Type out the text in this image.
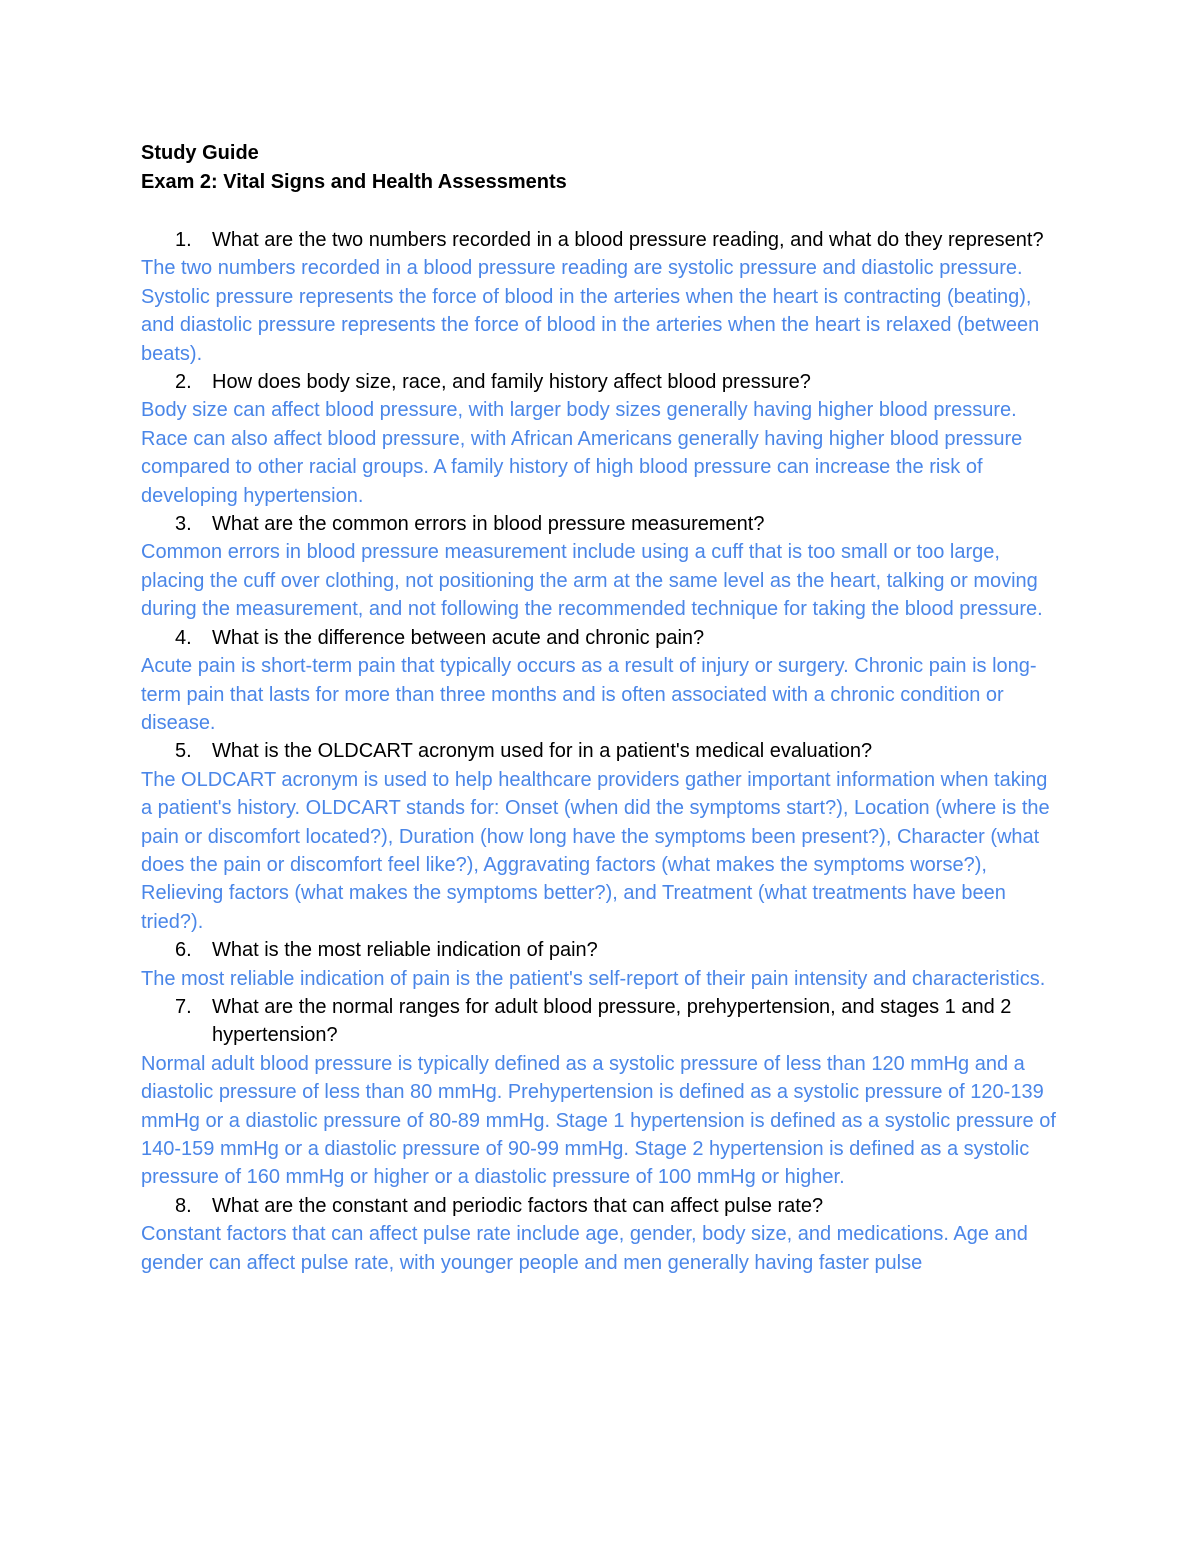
Study Guide

Exam 2: Vital Signs and Health Assessments

1.	What are the two numbers recorded in a blood pressure reading, and what do they represent?

The two numbers recorded in a blood pressure reading are systolic pressure and diastolic pressure. Systolic pressure represents the force of blood in the arteries when the heart is contracting (beating), and diastolic pressure represents the force of blood in the arteries when the heart is relaxed (between beats).

2.	How does body size, race, and family history affect blood pressure?

Body size can affect blood pressure, with larger body sizes generally having higher blood pressure. Race can also affect blood pressure, with African Americans generally having higher blood pressure compared to other racial groups. A family history of high blood pressure can increase the risk of developing hypertension.

3.	What are the common errors in blood pressure measurement?

Common errors in blood pressure measurement include using a cuff that is too small or too large, placing the cuff over clothing, not positioning the arm at the same level as the heart, talking or moving during the measurement, and not following the recommended technique for taking the blood pressure.

4.	What is the difference between acute and chronic pain?

Acute pain is short-term pain that typically occurs as a result of injury or surgery. Chronic pain is long-term pain that lasts for more than three months and is often associated with a chronic condition or disease.

5.	What is the OLDCART acronym used for in a patient's medical evaluation?

The OLDCART acronym is used to help healthcare providers gather important information when taking a patient's history. OLDCART stands for: Onset (when did the symptoms start?), Location (where is the pain or discomfort located?), Duration (how long have the symptoms been present?), Character (what does the pain or discomfort feel like?), Aggravating factors (what makes the symptoms worse?), Relieving factors (what makes the symptoms better?), and Treatment (what treatments have been tried?).

6.	What is the most reliable indication of pain?

The most reliable indication of pain is the patient's self-report of their pain intensity and characteristics.

7.	What are the normal ranges for adult blood pressure, prehypertension, and stages 1 and 2 hypertension?

Normal adult blood pressure is typically defined as a systolic pressure of less than 120 mmHg and a diastolic pressure of less than 80 mmHg. Prehypertension is defined as a systolic pressure of 120-139 mmHg or a diastolic pressure of 80-89 mmHg. Stage 1 hypertension is defined as a systolic pressure of 140-159 mmHg or a diastolic pressure of 90-99 mmHg. Stage 2 hypertension is defined as a systolic pressure of 160 mmHg or higher or a diastolic pressure of 100 mmHg or higher.

8.	What are the constant and periodic factors that can affect pulse rate?

Constant factors that can affect pulse rate include age, gender, body size, and medications. Age and gender can affect pulse rate, with younger people and men generally having faster pulse
